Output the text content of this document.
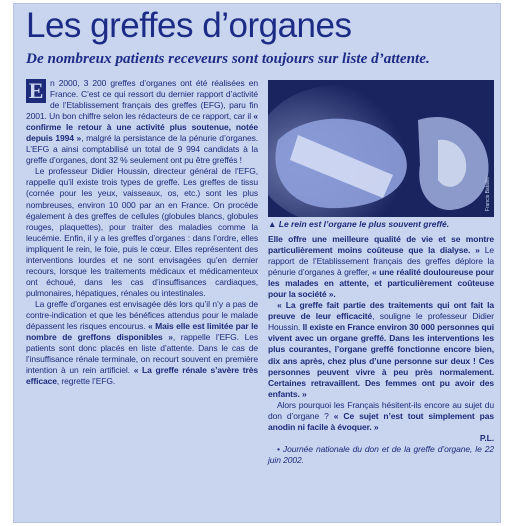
Les greffes d’organes
De nombreux patients receveurs sont toujours sur liste d’attente.

E n 2000, 3 200 greffes d’organes ont été réalisées en France. C’est ce qui ressort du dernier rapport d’activité de l’Etablissement français des greffes (EFG), paru fin 2001. Un bon chiffre selon les rédacteurs de ce rapport, car il « confirme le retour à une activité plus soutenue, notée depuis 1994 », malgré la persistance de la pénurie d’organes. L’EFG a ainsi comptabilisé un total de 9 994 candidats à la greffe d’organes, dont 32 % seulement ont pu être greffés !

Le professeur Didier Houssin, directeur général de l’EFG, rappelle qu’il existe trois types de greffe. Les greffes de tissu (cornée pour les yeux, vaisseaux, os, etc.) sont les plus nombreuses, environ 10 000 par an en France. On procède également à des greffes de cellules (globules blancs, globules rouges, plaquettes), pour traiter des maladies comme la leucémie. Enfin, il y a les greffes d’organes : dans l’ordre, elles impliquent le rein, le foie, puis le cœur. Elles représentent des interventions lourdes et ne sont envisagées qu’en dernier recours, lorsque les traitements médicaux et médicamenteux ont échoué, dans les cas d’insuffisances cardiaques, pulmonaires, hépatiques, rénales ou intestinales.

La greffe d’organes est envisagée dès lors qu’il n’y a pas de contre-indication et que les bénéfices attendus pour le malade dépassent les risques encourus. « Mais elle est limitée par le nombre de greffons disponibles », rappelle l’EFG. Les patients sont donc placés en liste d’attente. Dans le cas de l’insuffisance rénale terminale, on recourt souvent en première intention à un rein artificiel. « La greffe rénale s’avère très efficace, regrette l’EFG.

Francis Bataillé
▲ Le rein est l’organe le plus souvent greffé.

Elle offre une meilleure qualité de vie et se montre particulièrement moins coûteuse que la dialyse. » Le rapport de l’Etablissement français des greffes déplore la pénurie d’organes à greffer, « une réalité douloureuse pour les malades en attente, et particulièrement coûteuse pour la société ».

« La greffe fait partie des traitements qui ont fait la preuve de leur efficacité, souligne le professeur Didier Houssin. Il existe en France environ 30 000 personnes qui vivent avec un organe greffé. Dans les interventions les plus courantes, l’organe greffé fonctionne encore bien, dix ans après, chez plus d’une personne sur deux ! Ces personnes peuvent vivre à peu près normalement. Certaines retravaillent. Des femmes ont pu avoir des enfants. »

Alors pourquoi les Français hésitent-ils encore au sujet du don d’organe ? « Ce sujet n’est tout simplement pas anodin ni facile à évoquer. »

P.L.

• Journée nationale du don et de la greffe d’organe, le 22 juin 2002.
